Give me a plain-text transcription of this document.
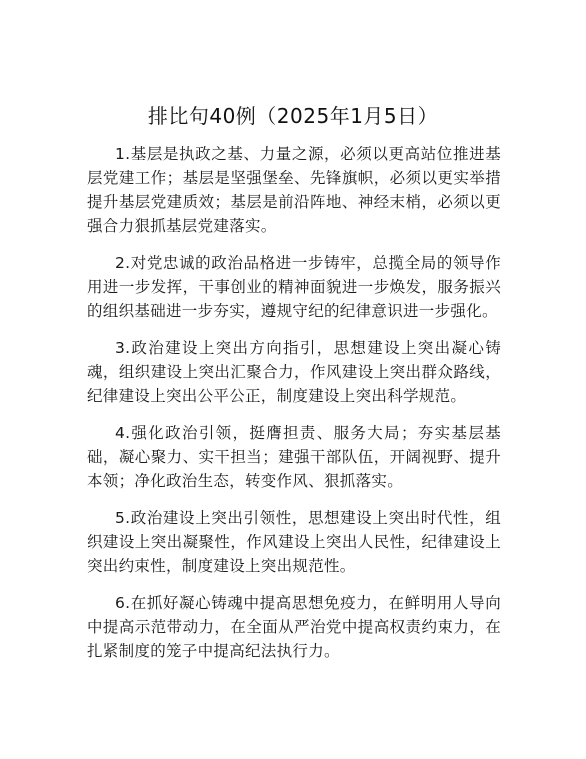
排比句40例（2025年1月5日）

1.基层是执政之基、力量之源，必须以更高站位推进基层党建工作；基层是坚强堡垒、先锋旗帜，必须以更实举措提升基层党建质效；基层是前沿阵地、神经末梢，必须以更强合力狠抓基层党建落实。

2.对党忠诚的政治品格进一步铸牢，总揽全局的领导作用进一步发挥，干事创业的精神面貌进一步焕发，服务振兴的组织基础进一步夯实，遵规守纪的纪律意识进一步强化。

3.政治建设上突出方向指引，思想建设上突出凝心铸魂，组织建设上突出汇聚合力，作风建设上突出群众路线，纪律建设上突出公平公正，制度建设上突出科学规范。

4.强化政治引领，挺膺担责、服务大局；夯实基层基础，凝心聚力、实干担当；建强干部队伍，开阔视野、提升本领；净化政治生态，转变作风、狠抓落实。

5.政治建设上突出引领性，思想建设上突出时代性，组织建设上突出凝聚性，作风建设上突出人民性，纪律建设上突出约束性，制度建设上突出规范性。

6.在抓好凝心铸魂中提高思想免疫力，在鲜明用人导向中提高示范带动力，在全面从严治党中提高权责约束力，在扎紧制度的笼子中提高纪法执行力。
